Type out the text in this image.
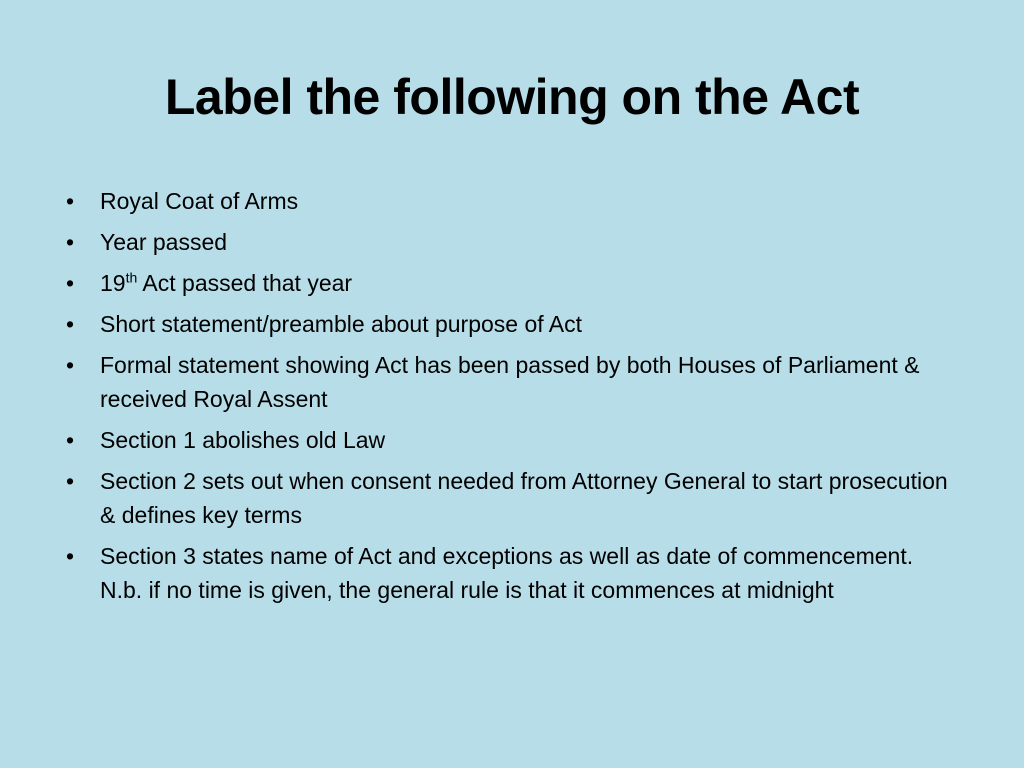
Label the following on the Act
• Royal Coat of Arms
• Year passed
• 19th Act passed that year
• Short statement/preamble about purpose of Act
• Formal statement showing Act has been passed by both Houses of Parliament & received Royal Assent
• Section 1 abolishes old Law
• Section 2 sets out when consent needed from Attorney General to start prosecution & defines key terms
• Section 3 states name of Act and exceptions as well as date of commencement. N.b. if no time is given, the general rule is that it commences at midnight
